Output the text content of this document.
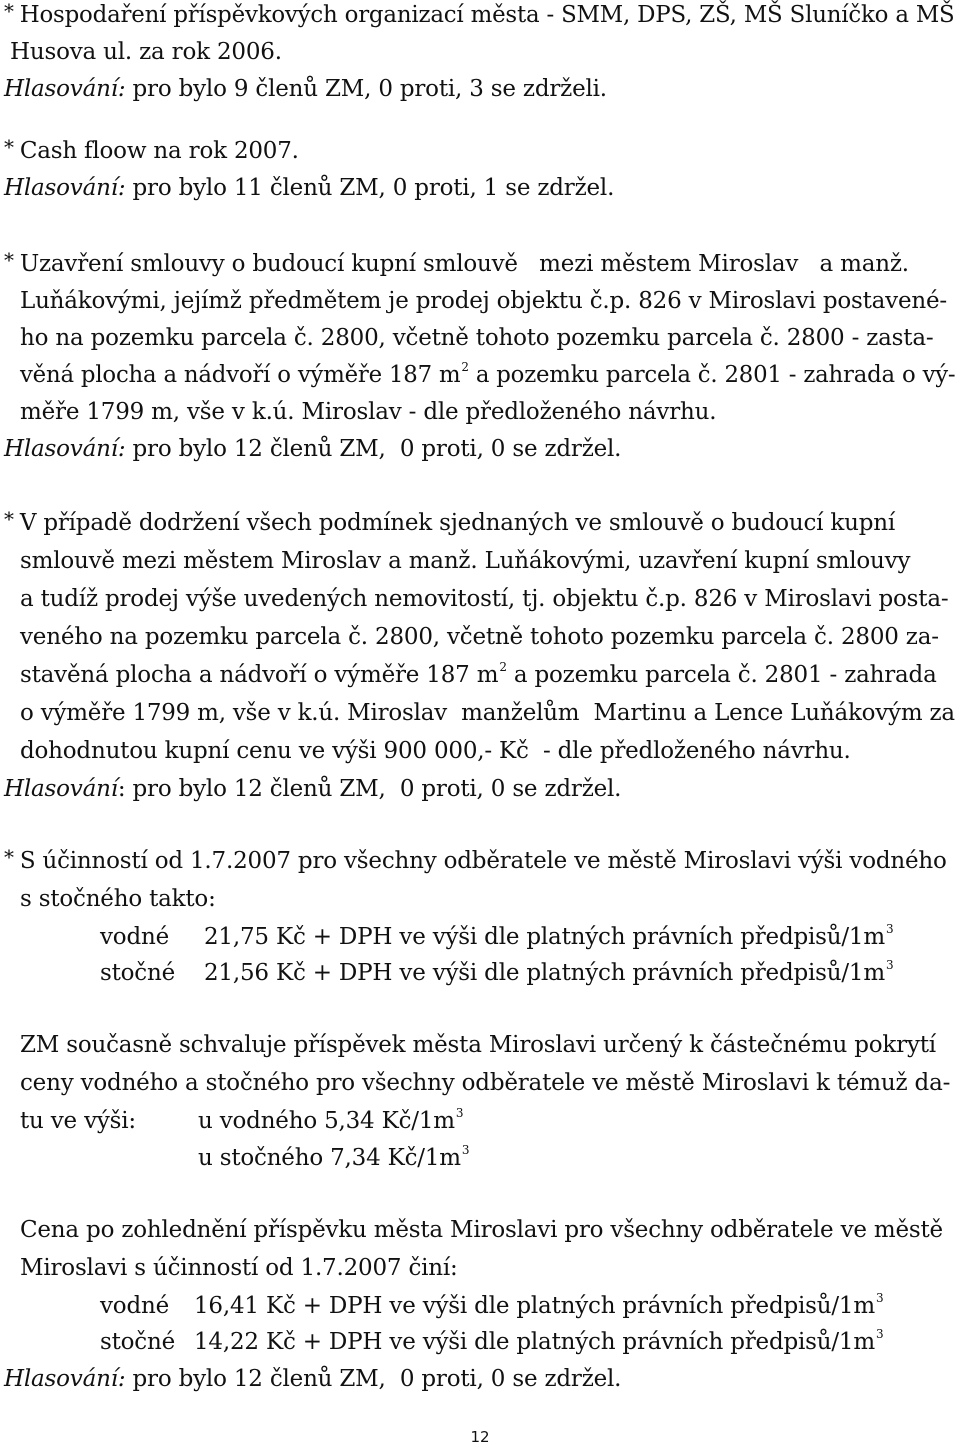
* Hospodaření příspěvkových organizací města - SMM, DPS, ZŠ, MŠ Sluníčko a MŠ
Husova ul. za rok 2006.
Hlasování: pro bylo 9 členů ZM, 0 proti, 3 se zdrželi.
* Cash floow na rok 2007.
Hlasování: pro bylo 11 členů ZM, 0 proti, 1 se zdržel.
* Uzavření smlouvy o budoucí kupní smlouvě   mezi městem Miroslav   a manž.
Luňákovými, jejímž předmětem je prodej objektu č.p. 826 v Miroslavi postavené-
ho na pozemku parcela č. 2800, včetně tohoto pozemku parcela č. 2800 - zasta-
věná plocha a nádvoří o výměře 187 $m^2$ a pozemku parcela č. 2801 - zahrada o vý-
měře 1799 m, vše v k.ú. Miroslav - dle předloženého návrhu.
Hlasování: pro bylo 12 členů ZM,  0 proti, 0 se zdržel.
* V případě dodržení všech podmínek sjednaných ve smlouvě o budoucí kupní
smlouvě mezi městem Miroslav a manž. Luňákovými, uzavření kupní smlouvy
a tudíž prodej výše uvedených nemovitostí, tj. objektu č.p. 826 v Miroslavi posta-
veného na pozemku parcela č. 2800, včetně tohoto pozemku parcela č. 2800 za-
stavěná plocha a nádvoří o výměře 187 $m^2$ a pozemku parcela č. 2801 - zahrada
o výměře 1799 m, vše v k.ú. Miroslav  manželům  Martinu a Lence Luňákovým za
dohodnutou kupní cenu ve výši 900 000,- Kč  - dle předloženého návrhu.
Hlasování: pro bylo 12 členů ZM,  0 proti, 0 se zdržel.
* S účinností od 1.7.2007 pro všechny odběratele ve městě Miroslavi výši vodného
s stočného takto:
vodné 21,75 Kč + DPH ve výši dle platných právních předpisů/$1m^3$
stočné 21,56 Kč + DPH ve výši dle platných právních předpisů/$1m^3$
ZM současně schvaluje příspěvek města Miroslavi určený k částečnému pokrytí
ceny vodného a stočného pro všechny odběratele ve městě Miroslavi k témuž da-
tu ve výši:	u vodného 5,34 $Kč/1m^3$
u stočného 7,34 $Kč/1m^3$
Cena po zohlednění příspěvku města Miroslavi pro všechny odběratele ve městě
Miroslavi s účinností od 1.7.2007 činí:
vodné 16,41 Kč + DPH ve výši dle platných právních předpisů/$1m^3$
stočné 14,22 Kč + DPH ve výši dle platných právních předpisů/$1m^3$
Hlasování: pro bylo 12 členů ZM,  0 proti, 0 se zdržel.
12
